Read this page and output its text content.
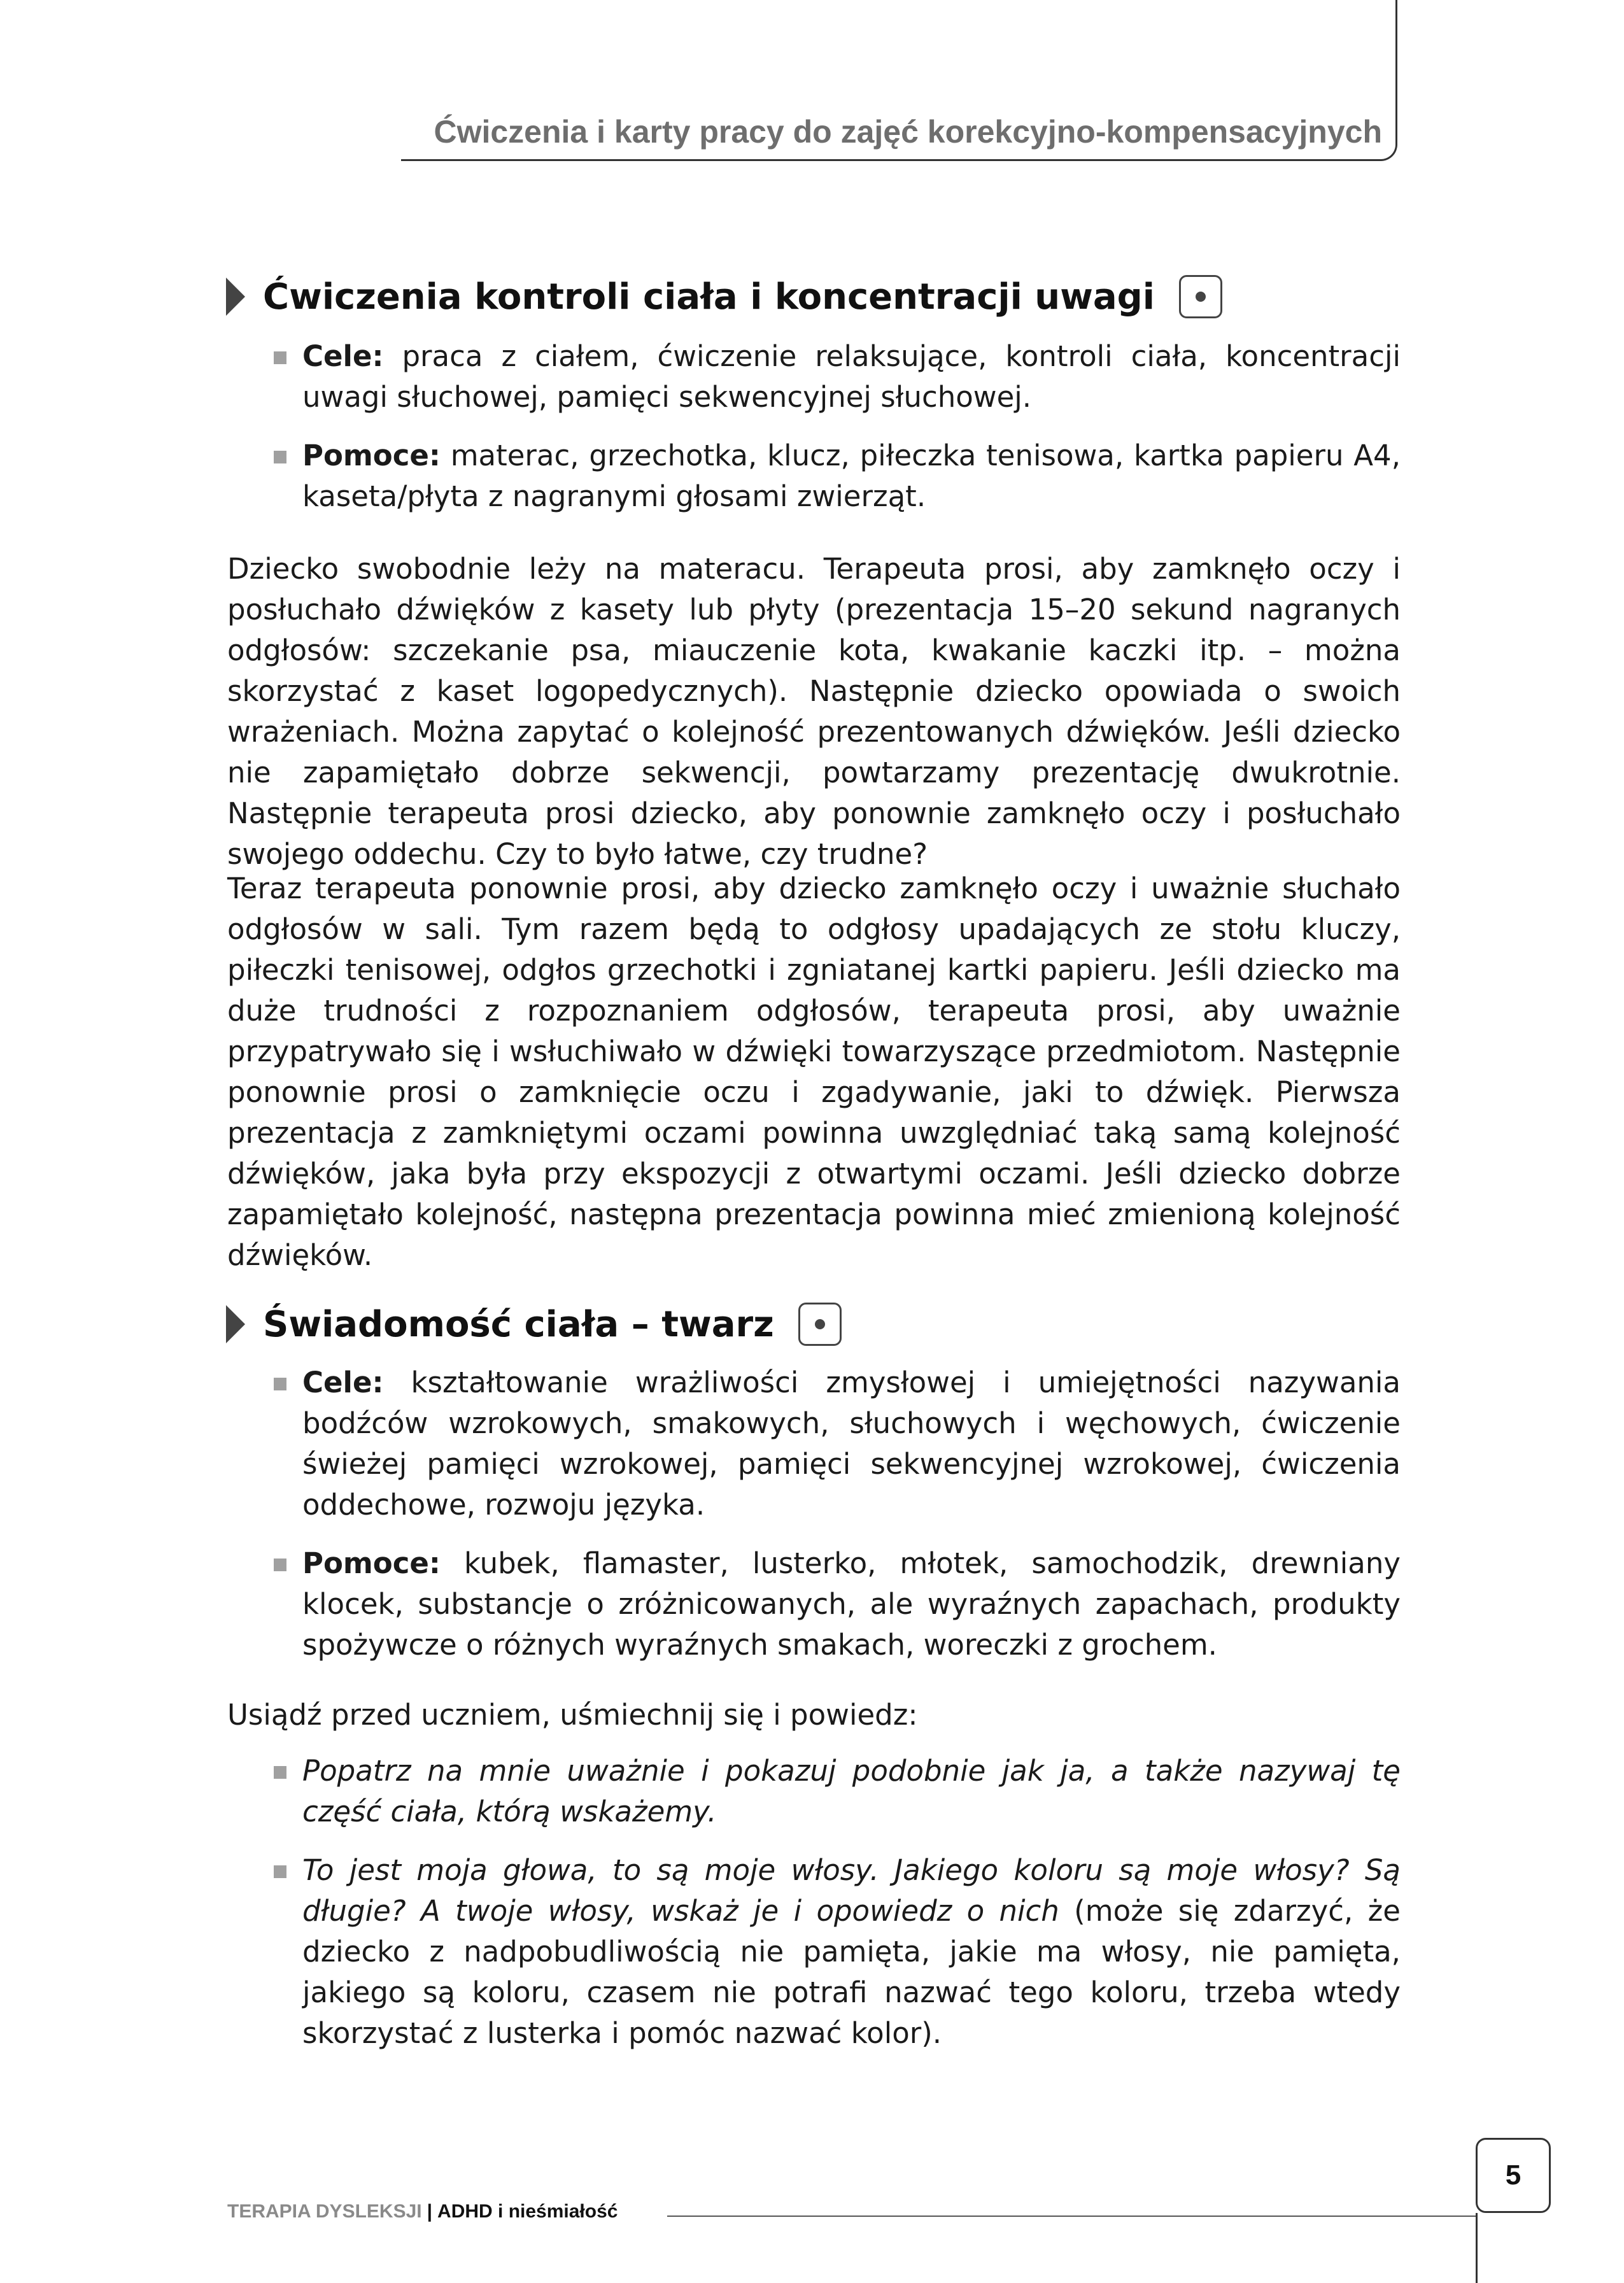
Ćwiczenia i karty pracy do zajęć korekcyjno-kompensacyjnych
Ćwiczenia kontroli ciała i koncentracji uwagi
Cele: praca z ciałem, ćwiczenie relaksujące, kontroli ciała, koncentracji uwagi słuchowej, pamięci sekwencyjnej słuchowej.
Pomoce: materac, grzechotka, klucz, piłeczka tenisowa, kartka papieru A4, kaseta/płyta z nagranymi głosami zwierząt.
Dziecko swobodnie leży na materacu. Terapeuta prosi, aby zamknęło oczy i posłuchało dźwięków z kasety lub płyty (prezentacja 15–20 sekund nagranych odgłosów: szczekanie psa, miauczenie kota, kwakanie kaczki itp. – można skorzystać z kaset logopedycznych). Następnie dziecko opowiada o swoich wrażeniach. Można zapytać o kolejność prezentowanych dźwięków. Jeśli dziecko nie zapamiętało dobrze sekwencji, powtarzamy prezentację dwukrotnie. Następnie terapeuta prosi dziecko, aby ponownie zamknęło oczy i posłuchało swojego oddechu. Czy to było łatwe, czy trudne?
Teraz terapeuta ponownie prosi, aby dziecko zamknęło oczy i uważnie słuchało odgłosów w sali. Tym razem będą to odgłosy upadających ze stołu kluczy, piłeczki tenisowej, odgłos grzechotki i zgniatanej kartki papieru. Jeśli dziecko ma duże trudności z rozpoznaniem odgłosów, terapeuta prosi, aby uważnie przypatrywało się i wsłuchiwało w dźwięki towarzyszące przedmiotom. Następnie ponownie prosi o zamknięcie oczu i zgadywanie, jaki to dźwięk. Pierwsza prezentacja z zamkniętymi oczami powinna uwzględniać taką samą kolejność dźwięków, jaka była przy ekspozycji z otwartymi oczami. Jeśli dziecko dobrze zapamiętało kolejność, następna prezentacja powinna mieć zmienioną kolejność dźwięków.
Świadomość ciała – twarz
Cele: kształtowanie wrażliwości zmysłowej i umiejętności nazywania bodźców wzrokowych, smakowych, słuchowych i węchowych, ćwiczenie świeżej pamięci wzrokowej, pamięci sekwencyjnej wzrokowej, ćwiczenia oddechowe, rozwoju języka.
Pomoce: kubek, flamaster, lusterko, młotek, samochodzik, drewniany klocek, substancje o zróżnicowanych, ale wyraźnych zapachach, produkty spożywcze o różnych wyraźnych smakach, woreczki z grochem.
Usiądź przed uczniem, uśmiechnij się i powiedz:
Popatrz na mnie uważnie i pokazuj podobnie jak ja, a także nazywaj tę część ciała, którą wskażemy.
To jest moja głowa, to są moje włosy. Jakiego koloru są moje włosy? Są długie? A twoje włosy, wskaż je i opowiedz o nich (może się zdarzyć, że dziecko z nadpobudliwością nie pamięta, jakie ma włosy, nie pamięta, jakiego są koloru, czasem nie potrafi nazwać tego koloru, trzeba wtedy skorzystać z lusterka i pomóc nazwać kolor).
TERAPIA DYSLEKSJI | ADHD i nieśmiałość
5
